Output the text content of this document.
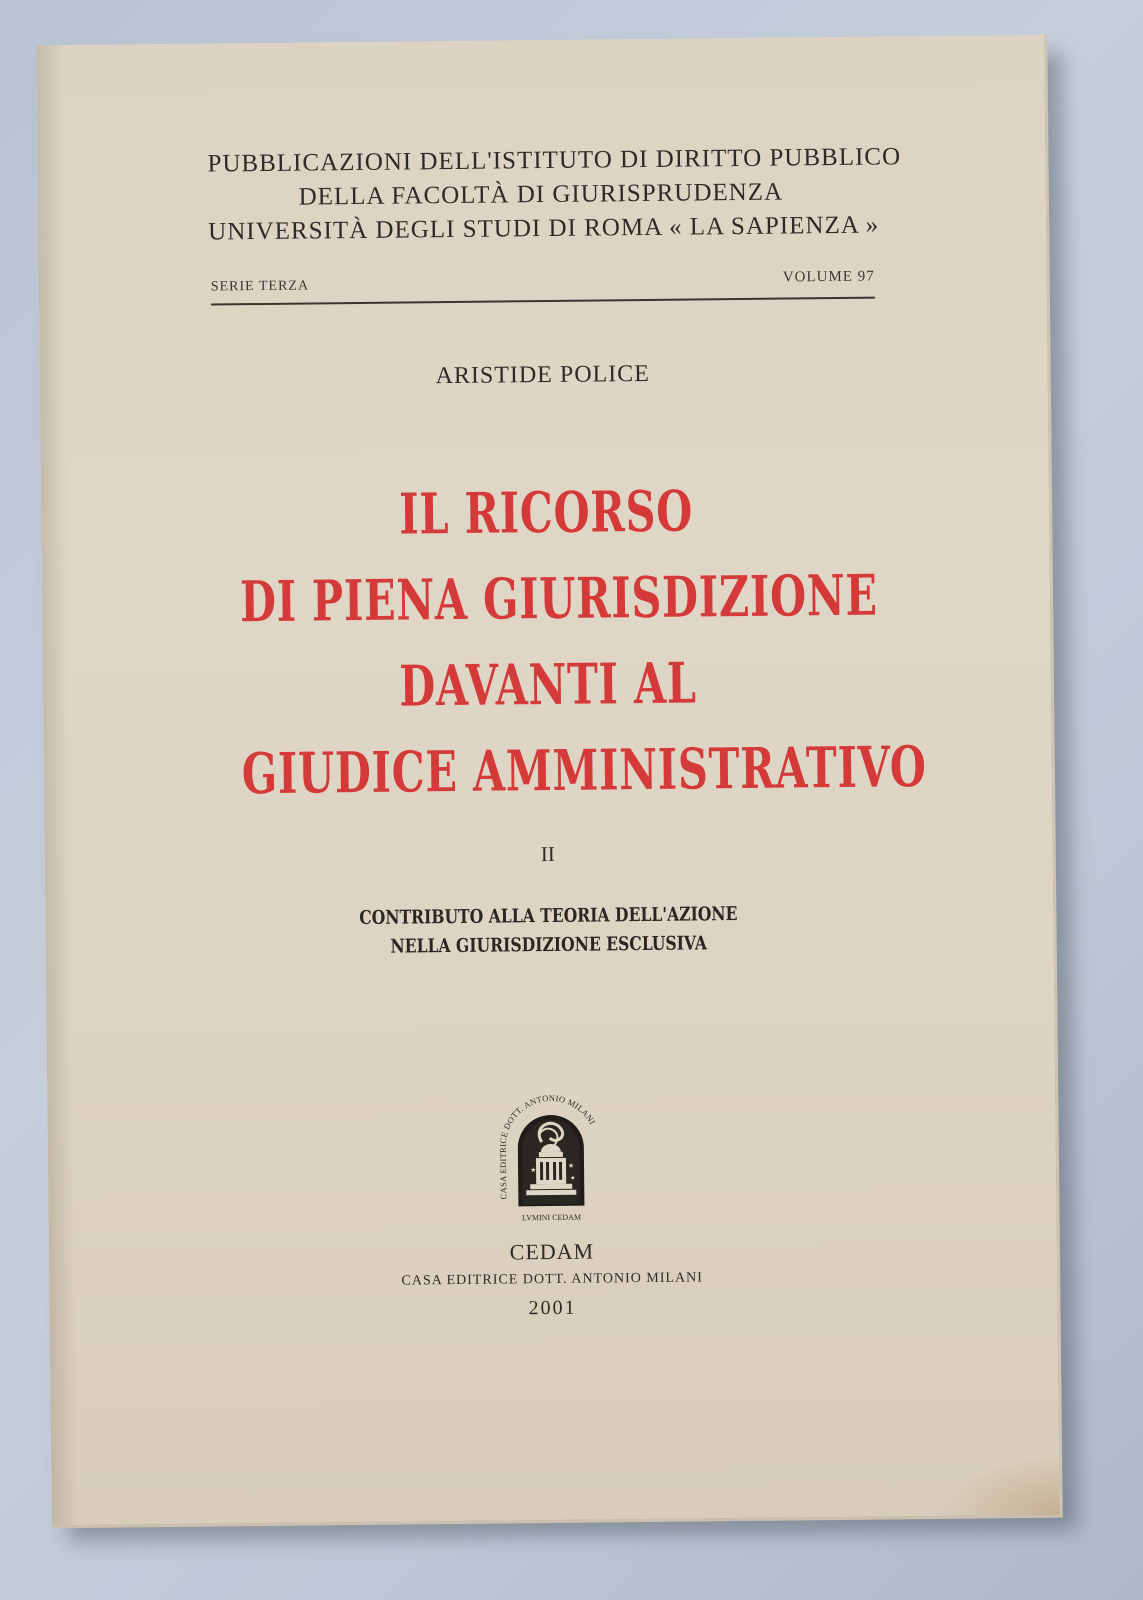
PUBBLICAZIONI DELL'ISTITUTO DI DIRITTO PUBBLICO
DELLA FACOLTÀ DI GIURISPRUDENZA
UNIVERSITÀ DEGLI STUDI DI ROMA « LA SAPIENZA »
SERIE TERZA
VOLUME 97
ARISTIDE POLICE
IL RICORSO
DI PIENA GIURISDIZIONE
DAVANTI AL
GIUDICE AMMINISTRATIVO
II
CONTRIBUTO ALLA TEORIA DELL'AZIONE
NELLA GIURISDIZIONE ESCLUSIVA
★
★
★
CASA EDITRICE DOTT. ANTONIO MILANI
LVMINI CEDAM
CEDAM
CASA EDITRICE DOTT. ANTONIO MILANI
2001
